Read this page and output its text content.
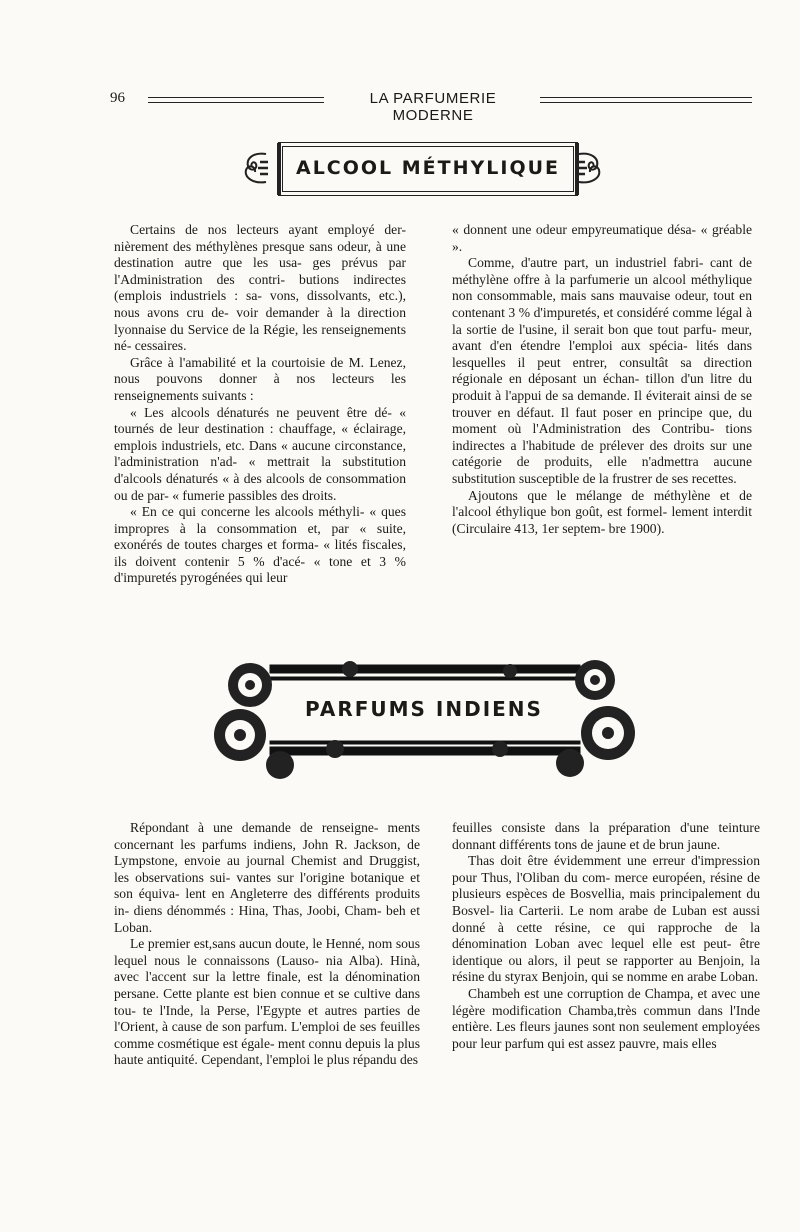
96	LA PARFUMERIE MODERNE
ALCOOL MÉTHYLIQUE

Certains de nos lecteurs ayant employé der- nièrement des méthylènes presque sans odeur, à une destination autre que les usa- ges prévus par l'Administration des contri- butions indirectes (emplois industriels : sa- vons, dissolvants, etc.), nous avons cru de- voir demander à la direction lyonnaise du Service de la Régie, les renseignements né- cessaires.

Grâce à l'amabilité et la courtoisie de M. Lenez, nous pouvons donner à nos lecteurs les renseignements suivants :

« Les alcools dénaturés ne peuvent être dé- « tournés de leur destination : chauffage, « éclairage, emplois industriels, etc. Dans « aucune circonstance, l'administration n'ad- « mettrait la substitution d'alcools dénaturés « à des alcools de consommation ou de par- « fumerie passibles des droits.

« En ce qui concerne les alcools méthyli- « ques impropres à la consommation et, par « suite, exonérés de toutes charges et forma- « lités fiscales, ils doivent contenir 5 % d'acé- « tone et 3 % d'impuretés pyrogénées qui leur

« donnent une odeur empyreumatique désa- « gréable ».

Comme, d'autre part, un industriel fabri- cant de méthylène offre à la parfumerie un alcool méthylique non consommable, mais sans mauvaise odeur, tout en contenant 3 % d'impuretés, et considéré comme légal à la sortie de l'usine, il serait bon que tout parfu- meur, avant d'en étendre l'emploi aux spécia- lités dans lesquelles il peut entrer, consultât sa direction régionale en déposant un échan- tillon d'un litre du produit à l'appui de sa demande. Il éviterait ainsi de se trouver en défaut. Il faut poser en principe que, du moment où l'Administration des Contribu- tions indirectes a l'habitude de prélever des droits sur une catégorie de produits, elle n'admettra aucune substitution susceptible de la frustrer de ses recettes.

Ajoutons que le mélange de méthylène et de l'alcool éthylique bon goût, est formel- lement interdit (Circulaire 413, 1er septem- bre 1900).

PARFUMS INDIENS

Répondant à une demande de renseigne- ments concernant les parfums indiens, John R. Jackson, de Lympstone, envoie au journal Chemist and Druggist, les observations sui- vantes sur l'origine botanique et son équiva- lent en Angleterre des différents produits in- diens dénommés : Hina, Thas, Joobi, Cham- beh et Loban.

Le premier est,sans aucun doute, le Henné, nom sous lequel nous le connaissons (Lauso- nia Alba). Hinà, avec l'accent sur la lettre finale, est la dénomination persane. Cette plante est bien connue et se cultive dans tou- te l'Inde, la Perse, l'Egypte et autres parties de l'Orient, à cause de son parfum. L'emploi de ses feuilles comme cosmétique est égale- ment connu depuis la plus haute antiquité. Cependant, l'emploi le plus répandu des

feuilles consiste dans la préparation d'une teinture donnant différents tons de jaune et de brun jaune.

Thas doit être évidemment une erreur d'impression pour Thus, l'Oliban du com- merce européen, résine de plusieurs espèces de Bosvellia, mais principalement du Bosvel- lia Carterii. Le nom arabe de Luban est aussi donné à cette résine, ce qui rapproche de la dénomination Loban avec lequel elle est peut- être identique ou alors, il peut se rapporter au Benjoin, la résine du styrax Benjoin, qui se nomme en arabe Loban.

Chambeh est une corruption de Champa, et avec une légère modification Chamba,très commun dans l'Inde entière. Les fleurs jaunes sont non seulement employées pour leur parfum qui est assez pauvre, mais elles
